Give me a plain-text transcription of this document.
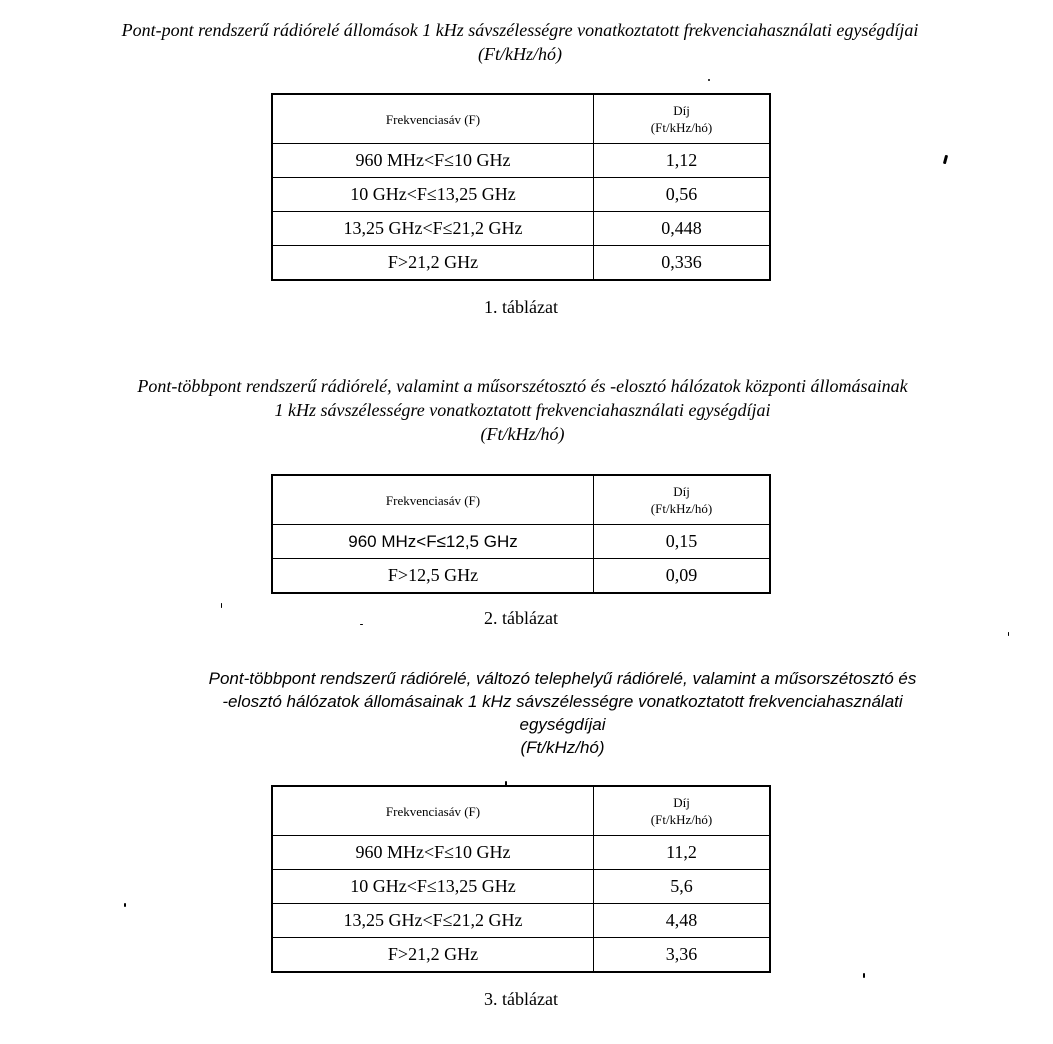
Pont-pont rendszerű rádiórelé állomások 1 kHz sávszélességre vonatkoztatott frekvenciahasználati egységdíjai
(Ft/kHz/hó)
Frekvenciasáv (F)	Díj
(Ft/kHz/hó)
960 MHz<F≤10 GHz	1,12
10 GHz<F≤13,25 GHz	0,56
13,25 GHz<F≤21,2 GHz	0,448
F>21,2 GHz	0,336

1. táblázat

Pont-többpont rendszerű rádiórelé, valamint a műsorszétosztó és -elosztó hálózatok központi állomásainak
1 kHz sávszélességre vonatkoztatott frekvenciahasználati egységdíjai
(Ft/kHz/hó)
Frekvenciasáv (F)	Díj
(Ft/kHz/hó)
960 MHz<F≤12,5 GHz	0,15
F>12,5 GHz	0,09

2. táblázat

Pont-többpont rendszerű rádiórelé, változó telephelyű rádiórelé, valamint a műsorszétosztó és
-elosztó hálózatok állomásainak 1 kHz sávszélességre vonatkoztatott frekvenciahasználati
egységdíjai
(Ft/kHz/hó)
Frekvenciasáv (F)	Díj
(Ft/kHz/hó)
960 MHz<F≤10 GHz	11,2
10 GHz<F≤13,25 GHz	5,6
13,25 GHz<F≤21,2 GHz	4,48
F>21,2 GHz	3,36

3. táblázat
